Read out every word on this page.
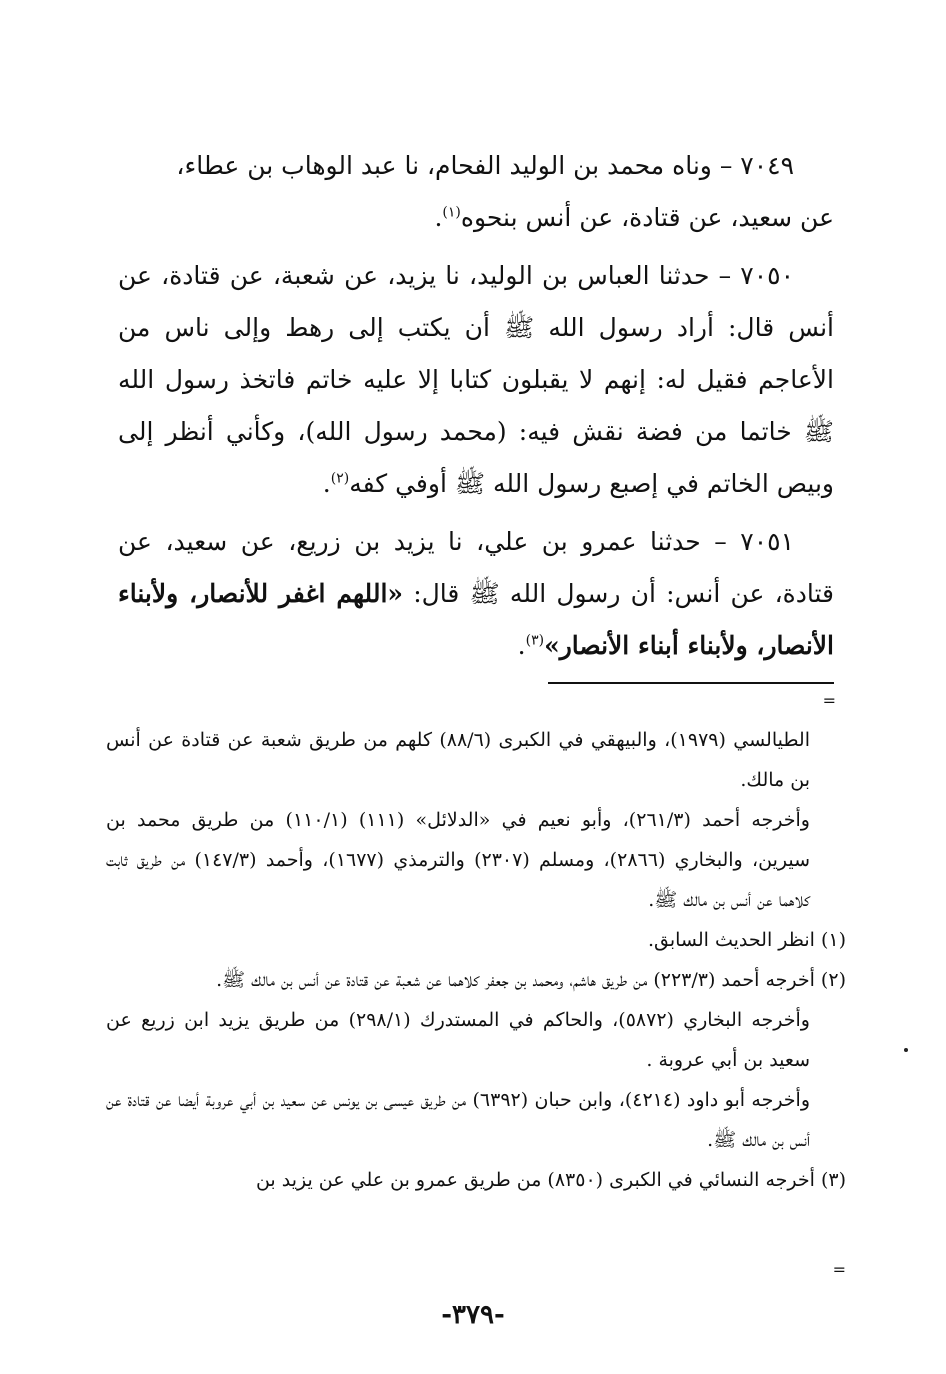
٧٠٤٩ – وناه محمد بن الوليد الفحام، نا عبد الوهاب بن عطاء،
عن سعيد، عن قتادة، عن أنس بنحوه$^{(١)}$.

٧٠٥٠ – حدثنا العباس بن الوليد، نا يزيد، عن شعبة، عن قتادة، عن أنس قال: أراد رسول الله ﷺ أن يكتب إلى رهط وإلى ناس من الأعاجم فقيل له: إنهم لا يقبلون كتابا إلا عليه خاتم فاتخذ رسول الله ﷺ خاتما من فضة نقش فيه: (محمد رسول الله)، وكأني أنظر إلى وبيص الخاتم في إصبع رسول الله ﷺ أوفي كفه$^{(٢)}$.

٧٠٥١ – حدثنا عمرو بن علي، نا يزيد بن زريع، عن سعيد، عن قتادة، عن أنس: أن رسول الله ﷺ قال: «اللهم اغفر للأنصار، ولأبناء الأنصار، ولأبناء أبناء الأنصار»$^{(٣)}$.

=

الطيالسي (١٩٧٩)، والبيهقي في الكبرى (٨٨/٦) كلهم من طريق شعبة عن قتادة عن أنس بن مالك.

وأخرجه أحمد (٢٦١/٣)، وأبو نعيم في «الدلائل» (١١١) (١١٠/١) من طريق محمد بن سيرين، والبخاري (٢٨٦٦)، ومسلم (٢٣٠٧) والترمذي (١٦٧٧)، وأحمد (١٤٧/٣) من طريق ثابت كلاهما عن أنس بن مالك ﷺ.

(١) انظر الحديث السابق.

(٢) أخرجه أحمد (٢٢٣/٣) من طريق هاشم، ومحمد بن جعفر كلاهما عن شعبة عن قتادة عن أنس بن مالك ﷺ.

وأخرجه البخاري (٥٨٧٢)، والحاكم في المستدرك (٢٩٨/١) من طريق يزيد ابن زريع عن سعيد بن أبي عروبة .

وأخرجه أبو داود (٤٢١٤)، وابن حبان (٦٣٩٢) من طريق عيسى بن يونس عن سعيد بن أبي عروبة أيضا عن قتادة عن أنس بن مالك ﷺ.

(٣) أخرجه النسائي في الكبرى (٨٣٥٠) من طريق عمرو بن علي عن يزيد بن

=
-٣٧٩-
